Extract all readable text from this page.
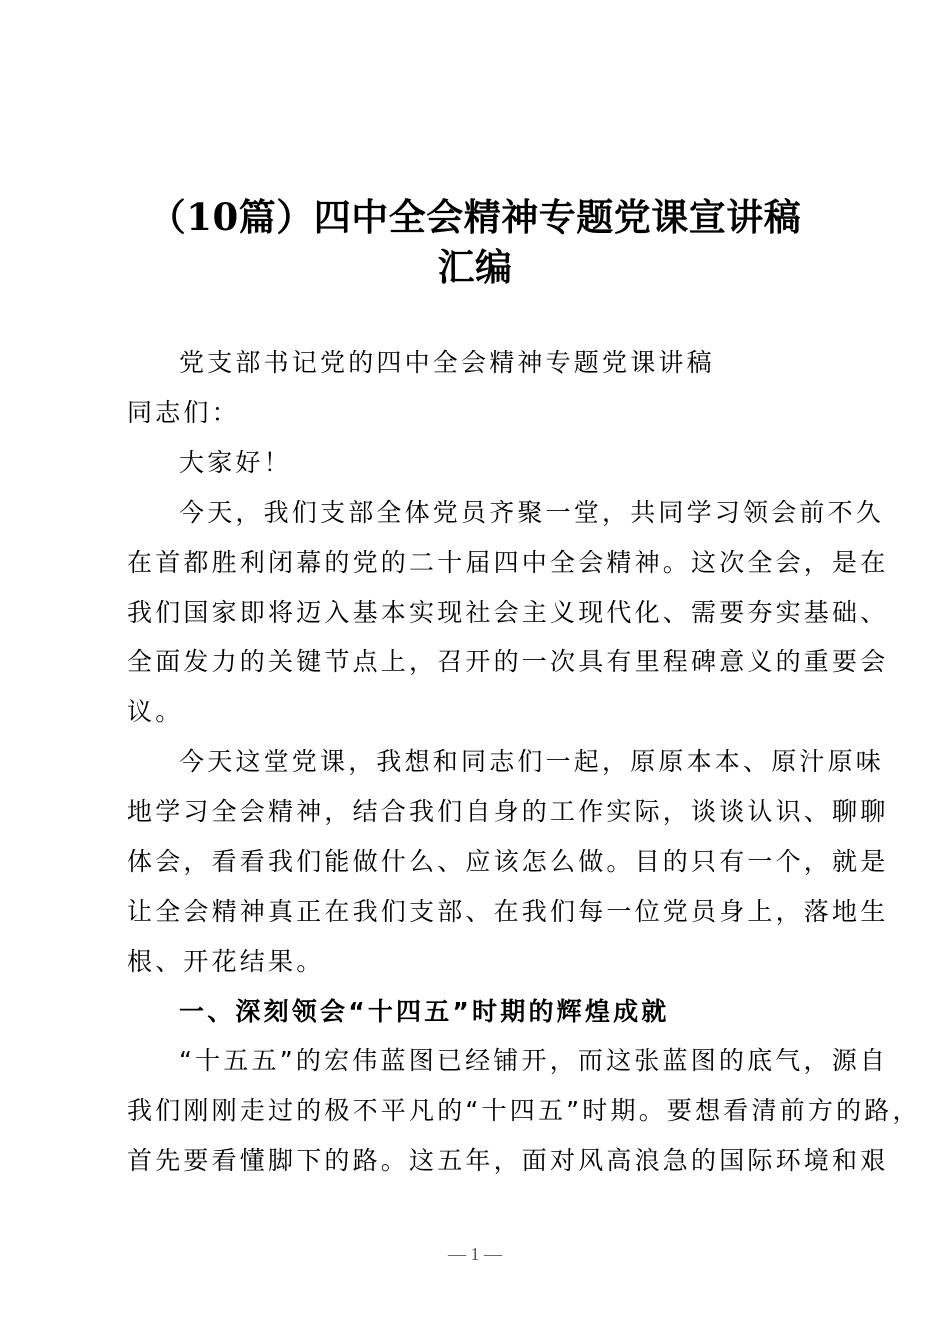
（10篇）四中全会精神专题党课宣讲稿
汇编
党支部书记党的四中全会精神专题党课讲稿
同志们：
大家好！
今天，我们支部全体党员齐聚一堂，共同学习领会前不久
在首都胜利闭幕的党的二十届四中全会精神。这次全会，是在
我们国家即将迈入基本实现社会主义现代化、需要夯实基础、
全面发力的关键节点上，召开的一次具有里程碑意义的重要会
议。
今天这堂党课，我想和同志们一起，原原本本、原汁原味
地学习全会精神，结合我们自身的工作实际，谈谈认识、聊聊
体会，看看我们能做什么、应该怎么做。目的只有一个，就是
让全会精神真正在我们支部、在我们每一位党员身上，落地生
根、开花结果。
一、深刻领会“十四五”时期的辉煌成就
“十五五”的宏伟蓝图已经铺开，而这张蓝图的底气，源自
我们刚刚走过的极不平凡的“十四五”时期。要想看清前方的路，
首先要看懂脚下的路。这五年，面对风高浪急的国际环境和艰
— 1 —
